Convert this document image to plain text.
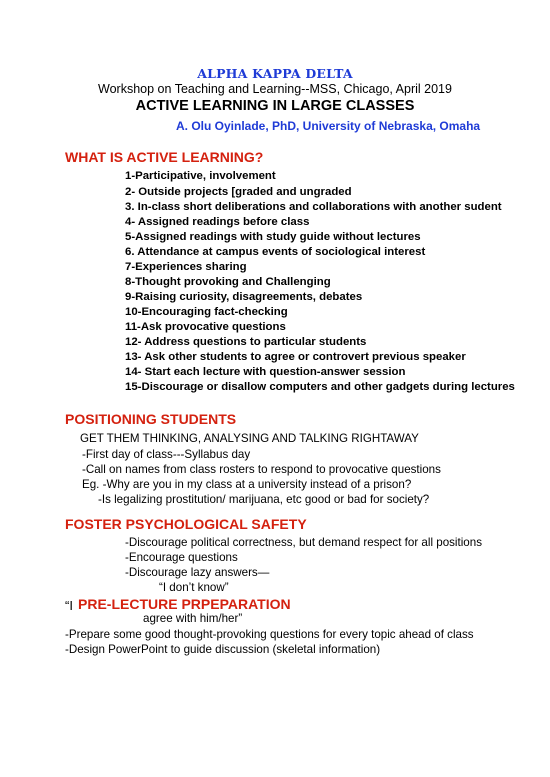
ALPHA KAPPA DELTA
Workshop on Teaching and Learning--MSS, Chicago, April 2019
ACTIVE LEARNING IN LARGE CLASSES
A. Olu Oyinlade, PhD, University of Nebraska, Omaha
WHAT IS ACTIVE LEARNING?
1-Participative, involvement
2- Outside projects [graded and ungraded
3. In-class short deliberations and collaborations with another sudent
4- Assigned readings before class
5-Assigned readings with study guide without lectures
6. Attendance at campus events of sociological interest
7-Experiences sharing
8-Thought provoking and Challenging
9-Raising curiosity, disagreements, debates
10-Encouraging fact-checking
11-Ask provocative questions
12- Address questions to particular students
13- Ask other students to agree or controvert previous speaker
14- Start each lecture with question-answer session
15-Discourage or disallow computers and other gadgets during lectures
POSITIONING STUDENTS
GET THEM THINKING, ANALYSING AND TALKING RIGHTAWAY
-First day of class---Syllabus day
-Call on names from class rosters to respond to provocative questions
Eg. -Why are you in my class at a university instead of a prison?
-Is legalizing prostitution/ marijuana, etc good or bad for society?
FOSTER PSYCHOLOGICAL SAFETY
-Discourage political correctness, but demand respect for all positions
-Encourage questions
-Discourage lazy answers—
“I don’t know”
“I PRE-LECTURE PRPEPARATION
agree with him/her”
-Prepare some good thought-provoking questions for every topic ahead of class
-Design PowerPoint to guide discussion (skeletal information)
